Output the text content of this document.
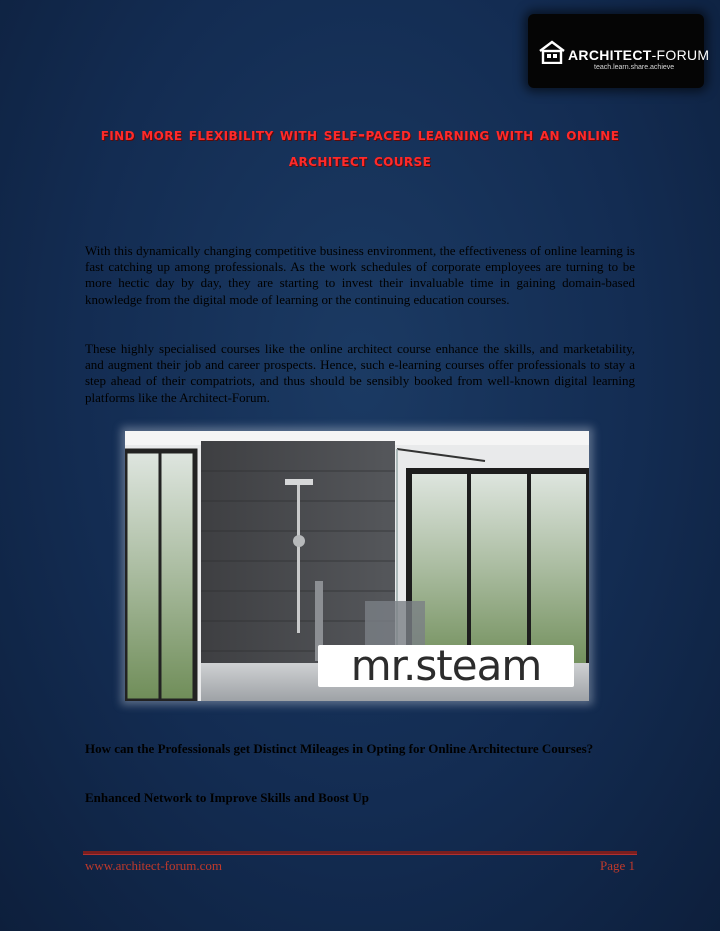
ARCHITECT-FORUM
teach.learn.share.achieve
find more flexibility with self-paced learning with an online architect course

With this dynamically changing competitive business environment, the effectiveness of online learning is fast catching up among professionals. As the work schedules of corporate employees are turning to be more hectic day by day, they are starting to invest their invaluable time in gaining domain-based knowledge from the digital mode of learning or the continuing education courses.

These highly specialised courses like the online architect course enhance the skills, and marketability, and augment their job and career prospects. Hence, such e-learning courses offer professionals to stay a step ahead of their compatriots, and thus should be sensibly booked from well-known digital learning platforms like the Architect-Forum.

mr.steam

How can the Professionals get Distinct Mileages in Opting for Online Architecture Courses?

Enhanced Network to Improve Skills and Boost Up

www.architect-forum.com	Page 1
